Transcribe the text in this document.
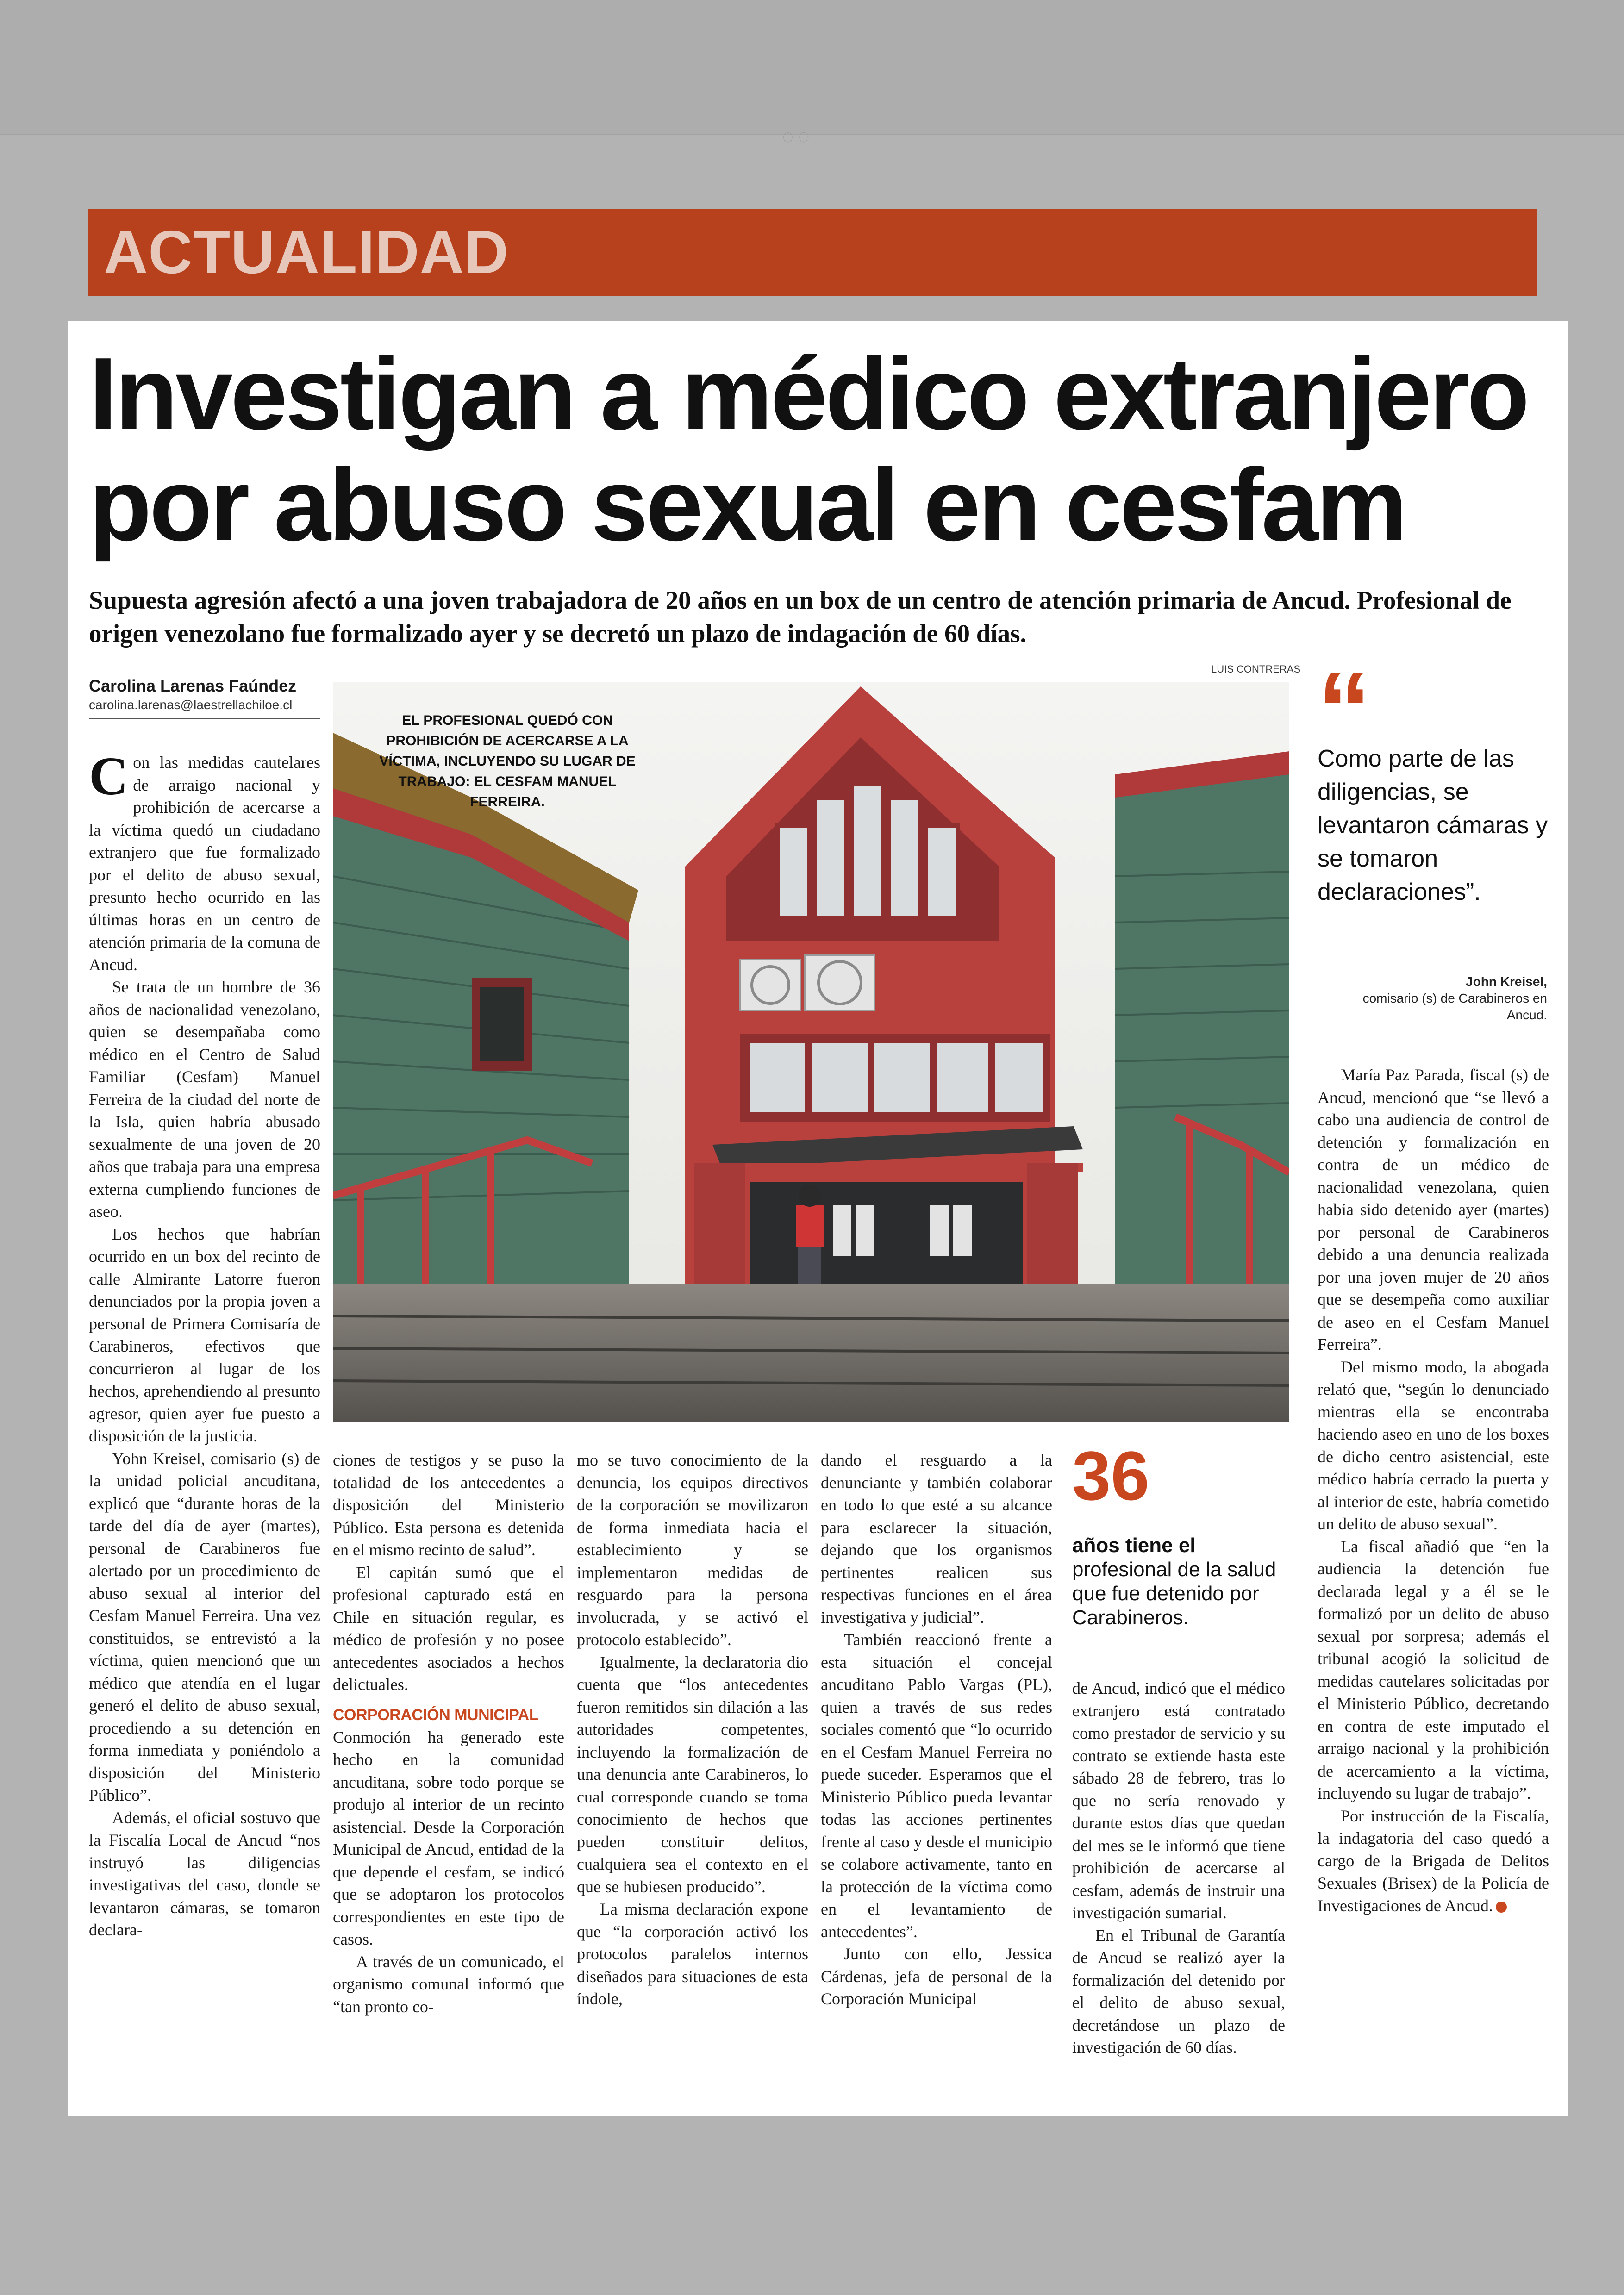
◌ ◌
ACTUALIDAD
Investigan a médico extranjero por abuso sexual en cesfam

Supuesta agresión afectó a una joven trabajadora de 20 años en un box de un centro de atención primaria de Ancud. Profesional de origen venezolano fue formalizado ayer y se decretó un plazo de indagación de 60 días.

Carolina Larenas Faúndez
carolina.larenas@laestrellachiloe.cl
LUIS CONTRERAS
EL PROFESIONAL QUEDÓ CON PROHIBICIÓN DE ACERCARSE A LA VÍCTIMA, INCLUYENDO SU LUGAR DE TRABAJO: EL CESFAM MANUEL FERREIRA.
“
Como parte de las diligencias, se levantaron cámaras y se tomaron declaraciones”.
John Kreisel,
comisario (s) de Carabineros en Ancud.

Con las medidas cautelares de arraigo nacional y prohibición de acercarse a la víctima quedó un ciudadano extranjero que fue formalizado por el delito de abuso sexual, presunto hecho ocurrido en las últimas horas en un centro de atención primaria de la comuna de Ancud.

Se trata de un hombre de 36 años de nacionalidad venezolano, quien se desempañaba como médico en el Centro de Salud Familiar (Cesfam) Manuel Ferreira de la ciudad del norte de la Isla, quien habría abusado sexualmente de una joven de 20 años que trabaja para una empresa externa cumpliendo funciones de aseo.

Los hechos que habrían ocurrido en un box del recinto de calle Almirante Latorre fueron denunciados por la propia joven a personal de Primera Comisaría de Carabineros, efectivos que concurrieron al lugar de los hechos, aprehendiendo al presunto agresor, quien ayer fue puesto a disposición de la justicia.

Yohn Kreisel, comisario (s) de la unidad policial ancuditana, explicó que “durante horas de la tarde del día de ayer (martes), personal de Carabineros fue alertado por un procedimiento de abuso sexual al interior del Cesfam Manuel Ferreira. Una vez constituidos, se entrevistó a la víctima, quien mencionó que un médico que atendía en el lugar generó el delito de abuso sexual, procediendo a su detención en forma inmediata y poniéndolo a disposición del Ministerio Público”.

Además, el oficial sostuvo que la Fiscalía Local de Ancud “nos instruyó las diligencias investigativas del caso, donde se levantaron cámaras, se tomaron declara-

ciones de testigos y se puso la totalidad de los antecedentes a disposición del Ministerio Público. Esta persona es detenida en el mismo recinto de salud”.

El capitán sumó que el profesional capturado está en Chile en situación regular, es médico de profesión y no posee antecedentes asociados a hechos delictuales.

CORPORACIÓN MUNICIPAL

Conmoción ha generado este hecho en la comunidad ancuditana, sobre todo porque se produjo al interior de un recinto asistencial. Desde la Corporación Municipal de Ancud, entidad de la que depende el cesfam, se indicó que se adoptaron los protocolos correspondientes en este tipo de casos.

A través de un comunicado, el organismo comunal informó que “tan pronto co-

mo se tuvo conocimiento de la denuncia, los equipos directivos de la corporación se movilizaron de forma inmediata hacia el establecimiento y se implementaron medidas de resguardo para la persona involucrada, y se activó el protocolo establecido”.

Igualmente, la declaratoria dio cuenta que “los antecedentes fueron remitidos sin dilación a las autoridades competentes, incluyendo la formalización de una denuncia ante Carabineros, lo cual corresponde cuando se toma conocimiento de hechos que pueden constituir delitos, cualquiera sea el contexto en el que se hubiesen producido”.

La misma declaración expone que “la corporación activó los protocolos paralelos internos diseñados para situaciones de esta índole,

dando el resguardo a la denunciante y también colaborar en todo lo que esté a su alcance para esclarecer la situación, dejando que los organismos pertinentes realicen sus respectivas funciones en el área investigativa y judicial”.

También reaccionó frente a esta situación el concejal ancuditano Pablo Vargas (PL), quien a través de sus redes sociales comentó que “lo ocurrido en el Cesfam Manuel Ferreira no puede suceder. Esperamos que el Ministerio Público pueda levantar todas las acciones pertinentes frente al caso y desde el municipio se colabore activamente, tanto en la protección de la víctima como en el levantamiento de antecedentes”.

Junto con ello, Jessica Cárdenas, jefa de personal de la Corporación Municipal

36
años tiene el
profesional de la salud que fue detenido por Carabineros.

de Ancud, indicó que el médico extranjero está contratado como prestador de servicio y su contrato se extiende hasta este sábado 28 de febrero, tras lo que no sería renovado y durante estos días que quedan del mes se le informó que tiene prohibición de acercarse al cesfam, además de instruir una investigación sumarial.

En el Tribunal de Garantía de Ancud se realizó ayer la formalización del detenido por el delito de abuso sexual, decretándose un plazo de investigación de 60 días.

María Paz Parada, fiscal (s) de Ancud, mencionó que “se llevó a cabo una audiencia de control de detención y formalización en contra de un médico de nacionalidad venezolana, quien había sido detenido ayer (martes) por personal de Carabineros debido a una denuncia realizada por una joven mujer de 20 años que se desempeña como auxiliar de aseo en el Cesfam Manuel Ferreira”.

Del mismo modo, la abogada relató que, “según lo denunciado mientras ella se encontraba haciendo aseo en uno de los boxes de dicho centro asistencial, este médico habría cerrado la puerta y al interior de este, habría cometido un delito de abuso sexual”.

La fiscal añadió que “en la audiencia la detención fue declarada legal y a él se le formalizó por un delito de abuso sexual por sorpresa; además el tribunal acogió la solicitud de medidas cautelares solicitadas por el Ministerio Público, decretando en contra de este imputado el arraigo nacional y la prohibición de acercamiento a la víctima, incluyendo su lugar de trabajo”.

Por instrucción de la Fiscalía, la indagatoria del caso quedó a cargo de la Brigada de Delitos Sexuales (Brisex) de la Policía de Investigaciones de Ancud.
